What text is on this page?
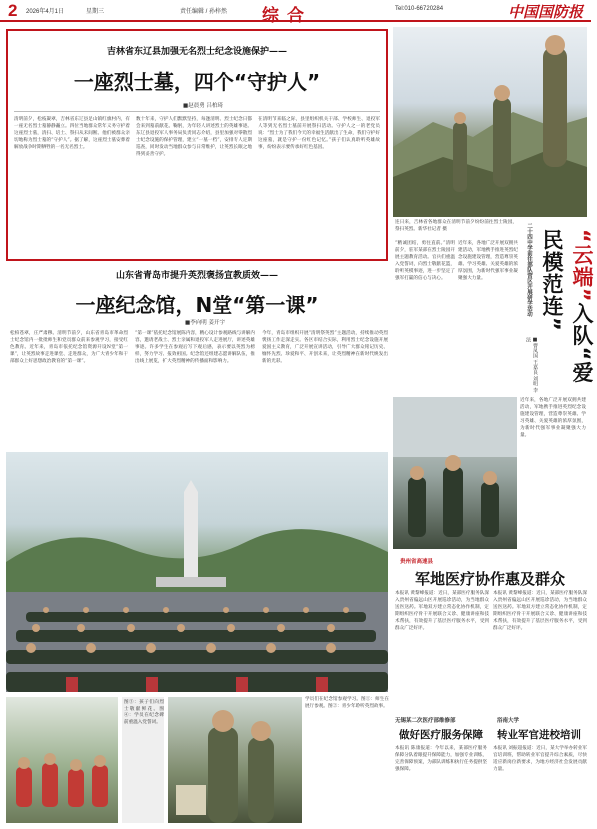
2 2026年4月1日	星期三	责任编辑 / 孙梓然 综合	Tel:010-66720284	中国国防报
吉林省东辽县加强无名烈士纪念设施保护——
一座烈士墓，四个“守护人”
■赵晨勇 吕柏琦
清明前夕，松枝凝翠，吉林省东辽县足山镇红旗村内，有一座无名烈士墓静静矗立。四位当地群众常年义务守护着这座烈士墓，清扫、培土、祭扫从未间断。他们被群众亲切地称为烈士墓的“守护人”。据了解，这座烈士墓安葬着解放战争时期牺牲的一名无名烈士。
数十年来，守护人们默默坚持，每逢清明、烈士纪念日都会来到墓前献花、鞠躬，为年轻人讲述烈士的英雄事迹。东辽县退役军人事务局负责同志介绍，县里加强对零散烈士纪念设施的保护管理，建立“一墓一档”，安排专人定期巡查，同时发动当地群众参与日常维护，让英烈长眠之地得到妥善守护。
在清明节来临之际，县里组织机关干部、学校师生、退役军人等到无名烈士墓前开展祭扫活动。守护人之一的老党员说：“烈士为了我们今天的幸福生活献出了生命，我们守护好这座墓，就是守护一份红色记忆。”孩子们认真聆听英雄故事，纷纷表示要传承好红色基因。
连日来，吉林省各地群众在清明节前夕纷纷前往烈士陵园，祭扫英烈。新华社记者 摄
“精诚团结，勇往直前。”清明前夕，驻军某部在烈士陵园开展主题教育活动。官兵们重温入党誓词，向烈士敬献花篮，聆听英模事迹，进一步坚定了强军打赢的信心与决心。
近年来，各地广泛开展双拥共建活动，军地携手推进英烈纪念设施建设管理，营造尊崇英雄、学习英雄、关爱英雄的浓厚氛围，为新时代强军事业凝聚强大力量。	二十四中学前往部队营区开展研学活动	“云端”入队“爱民模范连”
■曹凤国 王嘉良 刘明 李法
山东省青岛市提升英烈褒扬宣教质效——
一座纪念馆，N堂“第一课”
■李向明 姜开宇
松柏苍翠，庄严肃穆。清明节前夕，山东省青岛市革命烈士纪念馆内一批批师生和党员群众前来参观学习，接受红色教育。近年来，青岛市依托纪念馆资源开设N堂“第一课”，让英烈故事走进课堂、走进群众，为广大青少年和干部群众上好思想政治教育的“第一课”。
“第一课”依托纪念馆展陈内容，精心设计参观路线与讲解内容，邀请老战士、烈士亲属和退役军人走进展厅，讲述英雄事迹。许多学生在参观后写下观后感，表示要以英烈为榜样，努力学习、报效祖国。纪念馆还组建志愿讲解队伍，推出线上展览，扩大英烈精神的传播面和影响力。
今年，青岛市组织开展“清明祭英烈”主题活动，持续推动英烈褒扬工作走深走实。各区市结合实际，利用烈士纪念设施开展爱国主义教育，广泛开展宣讲活动，引导广大群众铭记历史、缅怀先烈、珍爱和平、开创未来，让英烈精神在新时代焕发出新的光彩。
近年来，各地广泛开展双拥共建活动，军地携手推进英烈纪念设施建设管理，营造尊崇英雄、学习英雄、关爱英雄的浓厚氛围，为新时代强军事业凝聚强大力量。
贵州省高速县
军地医疗协作惠及群众
本报讯 黄黎峰报道：近日，某部医疗服务队深入贵州省偏远山区开展巡诊活动，为当地群众送医送药。军地双方建立常态化协作机制，定期组织医疗骨干开展联合义诊、健康讲座和技术帮扶，有效提升了基层医疗服务水平，受到群众广泛好评。
本报讯 黄黎峰报道：近日，某部医疗服务队深入贵州省偏远山区开展巡诊活动，为当地群众送医送药。军地双方建立常态化协作机制，定期组织医疗骨干开展联合义诊、健康讲座和技术帮扶，有效提升了基层医疗服务水平，受到群众广泛好评。
图③：孩子们向烈士敬献鲜花。图④：学员在纪念碑前重温入党誓词。
学员们在纪念馆参观学习。图①：师生在展厅参观。图②：青少年聆听英烈故事。
无锡某二次医疗部维修部
做好医疗服务保障
本报讯 陈康报道：今年以来，某部医疗服务保障分队着眼提升保障能力，加强专业训练，完善保障预案，为部队训练和执行任务提供坚强保障。
浴南大学
转业军官进校培训
本报讯 刘振超报道：近日，某大学举办转业军官培训班，帮助转业军官提升综合素质，尽快适应新岗位新要求，为地方经济社会发展贡献力量。
